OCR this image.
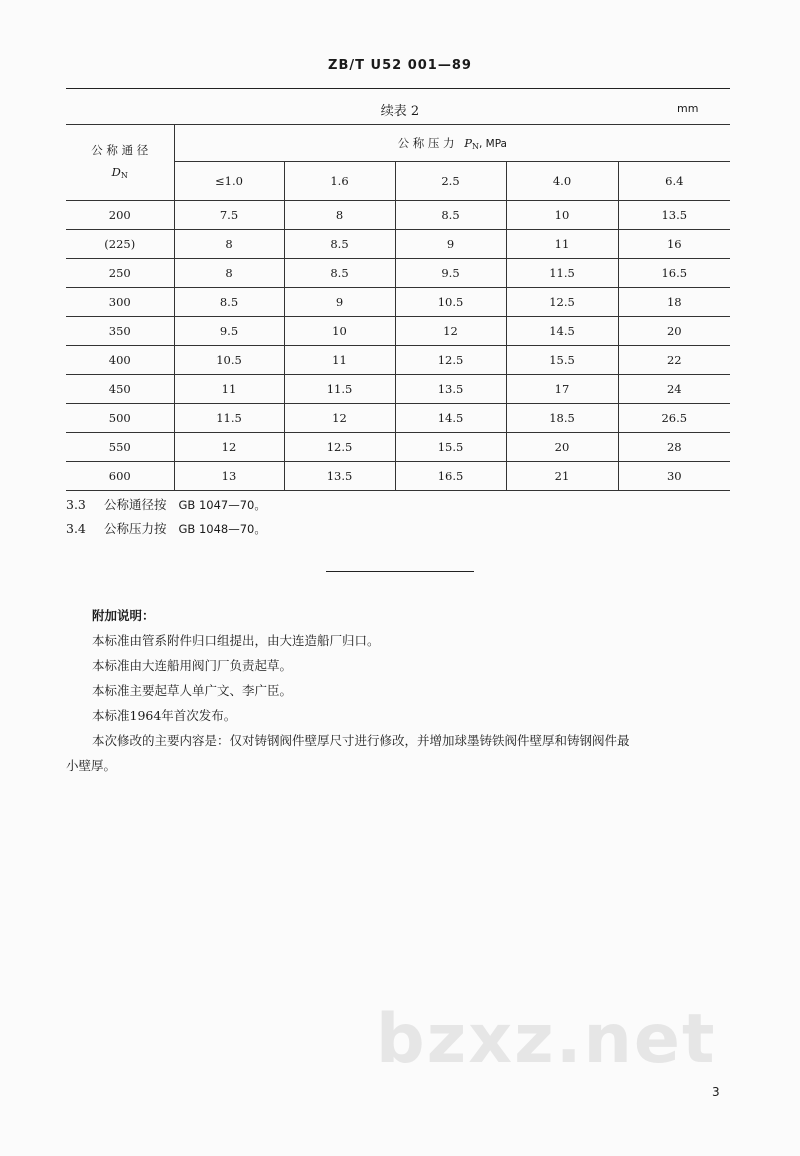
ZB/T U52 001—89
续表 2	mm
公 称 通 径
$D_N$	公 称 压 力 $P_N$, MPa				
	≤1.0	1.6	2.5	4.0	6.4
200	7.5	8	8.5	10	13.5
(225)	8	8.5	9	11	16
250	8	8.5	9.5	11.5	16.5
300	8.5	9	10.5	12.5	18
350	9.5	10	12	14.5	20
400	10.5	11	12.5	15.5	22
450	11	11.5	13.5	17	24
500	11.5	12	14.5	18.5	26.5
550	12	12.5	15.5	20	28
600	13	13.5	16.5	21	30
3.3 公称通径按 GB 1047—70。
3.4 公称压力按 GB 1048—70。

附加说明：

本标准由管系附件归口组提出，由大连造船厂归口。

本标准由大连船用阀门厂负责起草。

本标准主要起草人单广文、李广臣。

本标准1964年首次发布。

本次修改的主要内容是：仅对铸钢阀件壁厚尺寸进行修改，并增加球墨铸铁阀件壁厚和铸钢阀件最

小壁厚。

bzxz.net
3
